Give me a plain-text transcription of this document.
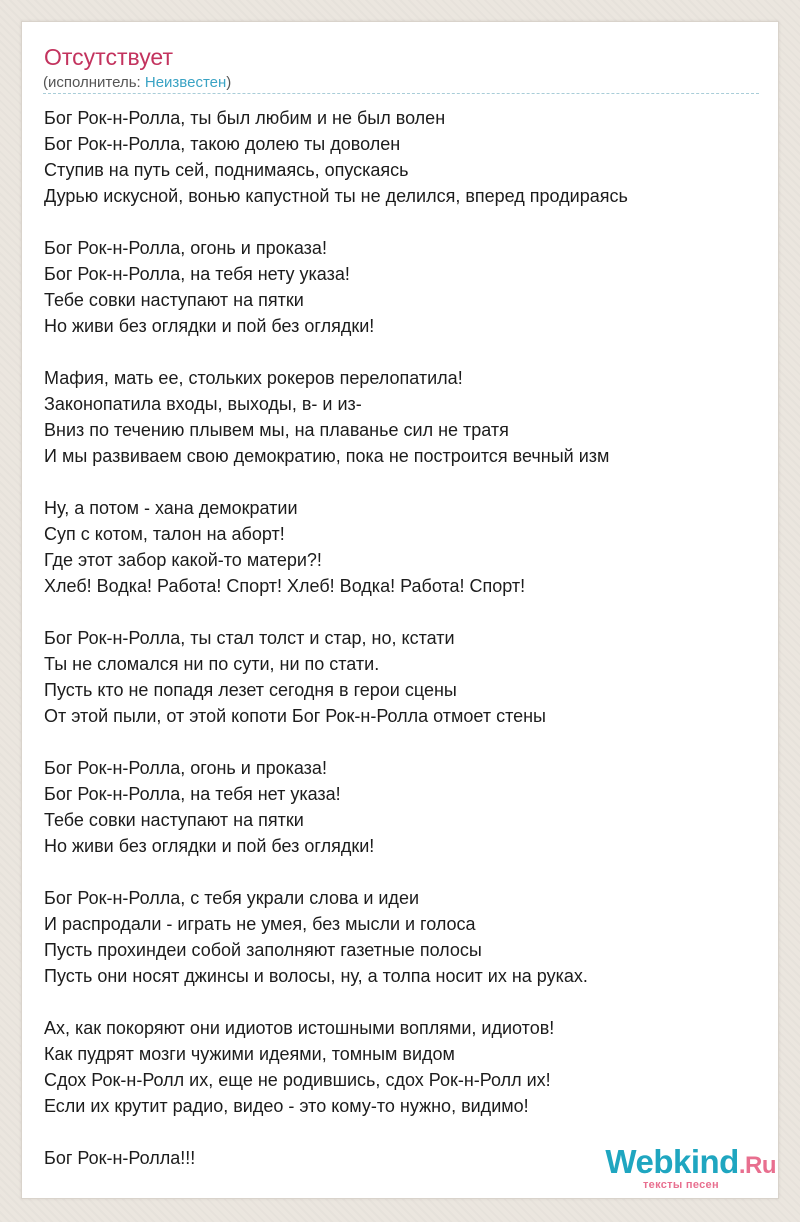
Отсутствует
(исполнитель: Неизвестен)
Бог Рок-н-Ролла, ты был любим и не был волен
Бог Рок-н-Ролла, такою долею ты доволен
Ступив на путь сей, поднимаясь, опускаясь
Дурью искусной, вонью капустной ты не делился, вперед продираясь
Бог Рок-н-Ролла, огонь и проказа!
Бог Рок-н-Ролла, на тебя нету указа!
Тебе совки наступают на пятки
Но живи без оглядки и пой без оглядки!
Мафия, мать ее, стольких рокеров перелопатила!
Законопатила входы, выходы, в- и из-
Вниз по течению плывем мы, на плаванье сил не тратя
И мы развиваем свою демократию, пока не построится вечный изм
Ну, а потом - хана демократии
Суп с котом, талон на аборт!
Где этот забор какой-то матери?!
Хлеб! Водка! Работа! Спорт! Хлеб! Водка! Работа! Спорт!
Бог Рок-н-Ролла, ты стал толст и стар, но, кстати
Ты не сломался ни по сути, ни по стати.
Пусть кто не попадя лезет сегодня в герои сцены
От этой пыли, от этой копоти Бог Рок-н-Ролла отмоет стены
Бог Рок-н-Ролла, огонь и проказа!
Бог Рок-н-Ролла, на тебя нет указа!
Тебе совки наступают на пятки
Но живи без оглядки и пой без оглядки!
Бог Рок-н-Ролла, с тебя украли слова и идеи
И распродали - играть не умея, без мысли и голоса
Пусть прохиндеи собой заполняют газетные полосы
Пусть они носят джинсы и волосы, ну, а толпа носит их на руках.
Ах, как покоряют они идиотов истошными воплями, идиотов!
Как пудрят мозги чужими идеями, томным видом
Сдох Рок-н-Ролл их, еще не родившись, сдох Рок-н-Ролл их!
Если их крутит радио, видео - это кому-то нужно, видимо!
Бог Рок-н-Ролла!!!	Webkind.Ru
тексты песен
